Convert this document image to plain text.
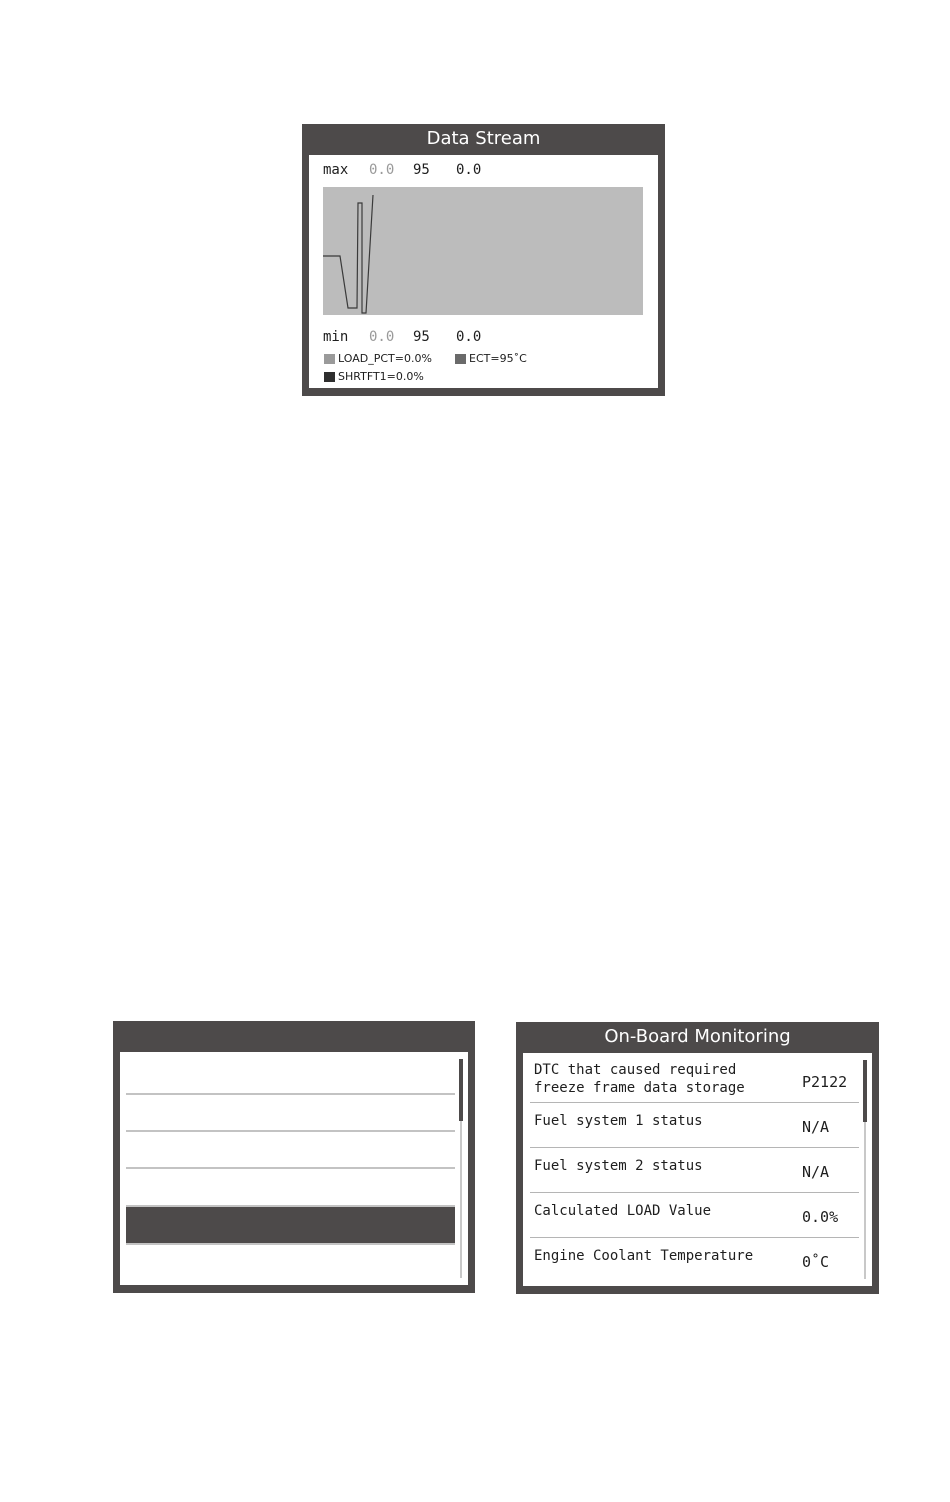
Data Stream
max 0.0 95 0.0
min 0.0 95 0.0
LOAD_PCT=0.0%	ECT=95˚C
SHRTFT1=0.0%
On-Board Monitoring
DTC that caused required
freeze frame data storage	P2122
Fuel system 1 status	N/A
Fuel system 2 status	N/A
Calculated LOAD Value	0.0%
Engine Coolant Temperature	0˚C
